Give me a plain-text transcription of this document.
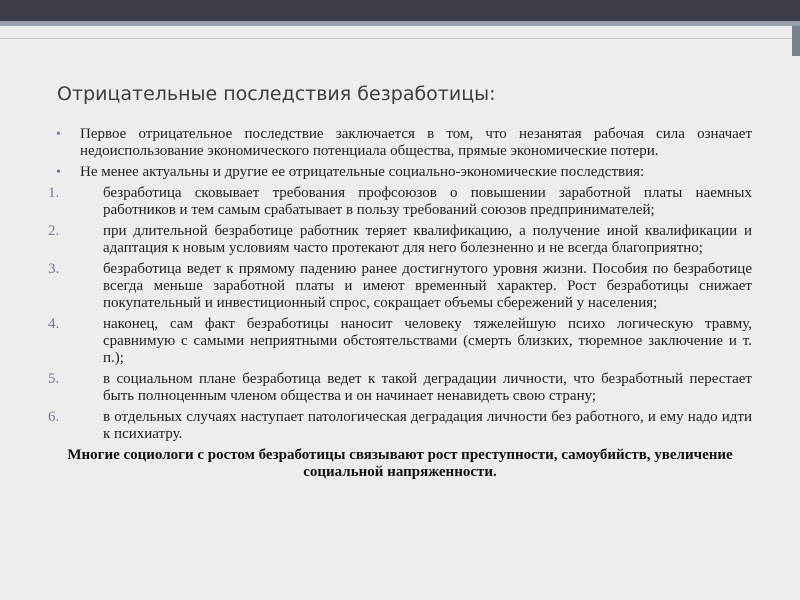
Отрицательные последствия безработицы:
• Первое отрицательное последствие заключается в том, что незанятая рабочая сила означает недоиспользование экономического потенциала общества, прямые экономические потери.
• Не менее актуальны и другие ее отрицательные социально-экономические последствия:
1.	безработица сковывает требования профсоюзов о повышении заработной платы наемных работников и тем самым срабатывает в пользу требований союзов предпринимателей;
2.	при длительной безработице работник теряет квалификацию, а получение иной квалификации и адаптация к новым условиям часто протекают для него болезненно и не всегда благоприятно;
3.	безработица ведет к прямому падению ранее достигнутого уровня жизни. Пособия по безработице всегда меньше заработной платы и имеют временный характер. Рост безработицы снижает покупательный и инвестиционный спрос, сокращает объемы сбережений у населения;
4.	наконец, сам факт безработицы наносит человеку тяжелейшую психо логическую травму, сравнимую с самыми неприятными обстоятельствами (смерть близких, тюремное заключение и т. п.);
5.	в социальном плане безработица ведет к такой деградации личности, что безработный перестает быть полноценным членом общества и он начинает ненавидеть свою страну;
6.	в отдельных случаях наступает патологическая деградация личности без работного, и ему надо идти к психиатру.

Многие социологи с ростом безработицы связывают рост преступности, самоубийств, увеличение социальной напряженности.
